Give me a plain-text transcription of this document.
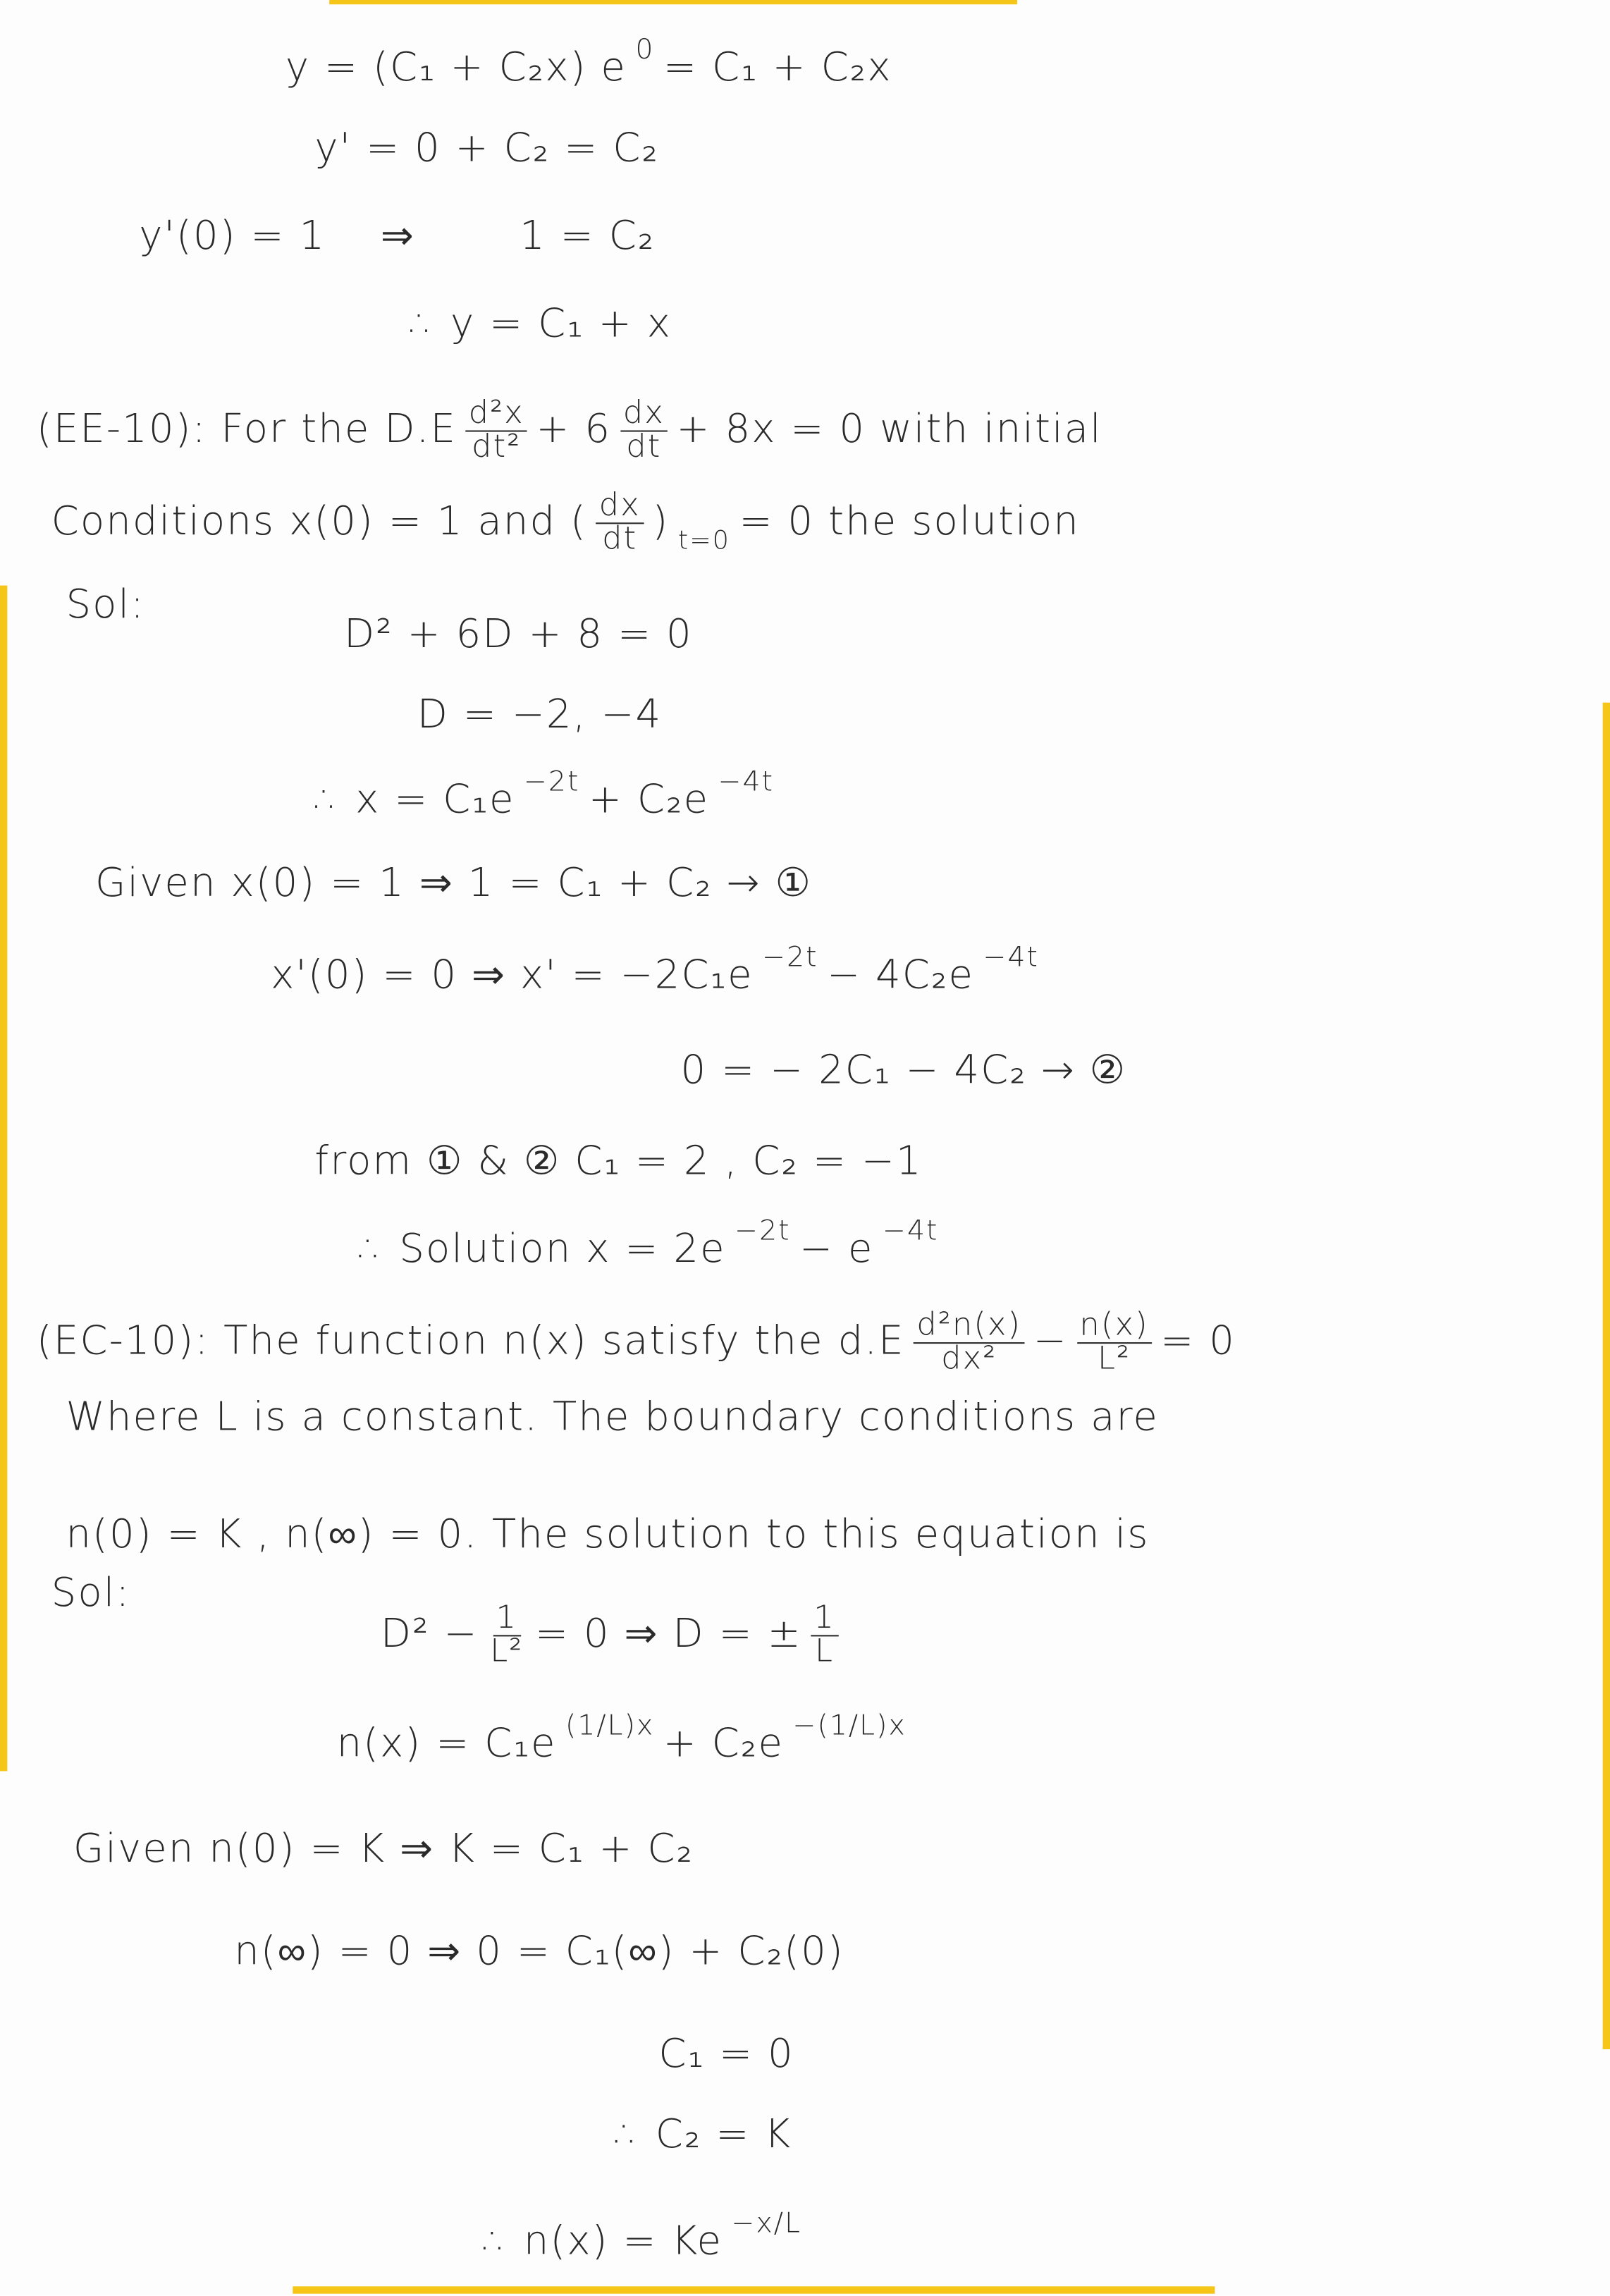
y = (C₁ + C₂x) e 0 = C₁ + C₂x
y' = 0 + C₂ = C₂
y'(0) = 1	⇒	1 = C₂
∴ y = C₁ + x
(EE-10): For the $D.E \frac{\text{d²x}}{\text{dt²}} + 6 \frac{dx}{dt} + 8x = 0$ with initial
Conditions x(0) = 1 and ( $\frac{dx}{dt}$ ) t=0 = 0 the solution
Sol:
D² + 6D + 8 = 0
D = −2, −4
∴ x = C₁e −2t + C₂e −4t
Given x(0) = 1 ⇒ 1 = C₁ + C₂ → ①
x'(0) = 0 ⇒ x' = −2C₁e −2t − 4C₂e −4t
0 = − 2C₁ − 4C₂ → ②
from ① & ② C₁ = 2 , C₂ = −1
∴ Solution x = 2e −2t − e −4t
(EC-10): The function n(x) satisfy the $d.E \frac{\text{d²n(x)}}{\text{dx²}} - \frac{n(x)}{\text{L²}} = 0$
Where L is a constant. The boundary conditions are
n(0) = K , n(∞) = 0. The solution to this equation is
Sol:
$D^2 - \frac{1}{\text{L²}} = 0$ ⇒ D = ± $\frac{1}{L}$
n(x) = C₁e (1/L)x + C₂e −(1/L)x
Given n(0) = K ⇒ K = C₁ + C₂
n(∞) = 0 ⇒ 0 = C₁(∞) + C₂(0)
C₁ = 0
∴ C₂ = K
∴ n(x) = Ke −x/L
